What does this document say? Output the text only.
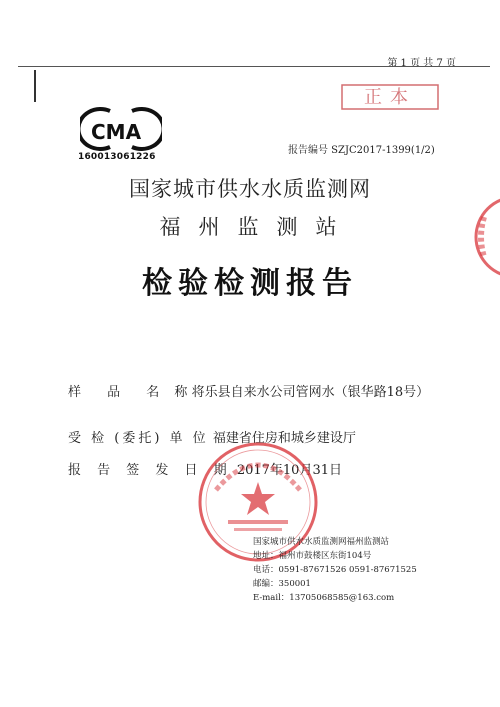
第 1 页 共 7 页
CMA
160013061226
正本
报告编号 SZJC2017-1399(1/2)
国家城市供水水质监测网
福州监测站
检验检测报告
样 品 名 称 将乐县自来水公司管网水（银华路18号）
受 检 (委托) 单 位 福建省住房和城乡建设厅
报 告 签 发 日 期 2017年10月31日
国家城市供水水质监测网福州监测站
地址：福州市鼓楼区东街104号
电话：0591-87671526 0591-87671525
邮编：350001
E-mail：13705068585@163.com
